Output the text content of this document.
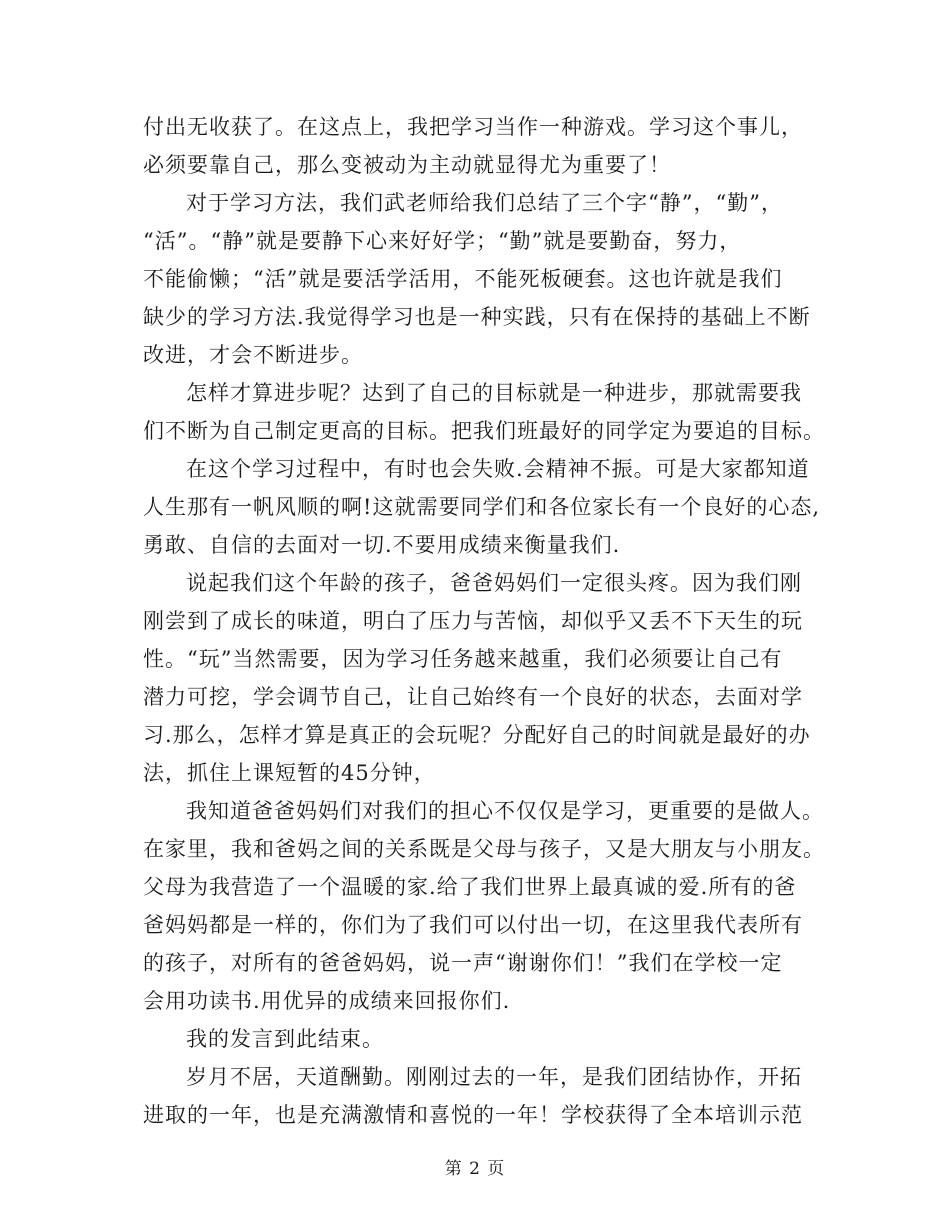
付出无收获了。在这点上，我把学习当作一种游戏。学习这个事儿，
必须要靠自己，那么变被动为主动就显得尤为重要了！
对于学习方法，我们武老师给我们总结了三个字“静”，“勤”，
“活”。“静”就是要静下心来好好学；“勤”就是要勤奋，努力，
不能偷懒；“活”就是要活学活用，不能死板硬套。这也许就是我们
缺少的学习方法.我觉得学习也是一种实践，只有在保持的基础上不断
改进，才会不断进步。
怎样才算进步呢？达到了自己的目标就是一种进步，那就需要我
们不断为自己制定更高的目标。把我们班最好的同学定为要追的目标。
在这个学习过程中，有时也会失败.会精神不振。可是大家都知道
人生那有一帆风顺的啊!这就需要同学们和各位家长有一个良好的心态,
勇敢、自信的去面对一切.不要用成绩来衡量我们.
说起我们这个年龄的孩子，爸爸妈妈们一定很头疼。因为我们刚
刚尝到了成长的味道，明白了压力与苦恼，却似乎又丢不下天生的玩
性。“玩”当然需要，因为学习任务越来越重，我们必须要让自己有
潜力可挖，学会调节自己，让自己始终有一个良好的状态，去面对学
习.那么，怎样才算是真正的会玩呢？分配好自己的时间就是最好的办
法，抓住上课短暂的45分钟，
我知道爸爸妈妈们对我们的担心不仅仅是学习，更重要的是做人。
在家里，我和爸妈之间的关系既是父母与孩子，又是大朋友与小朋友。
父母为我营造了一个温暖的家.给了我们世界上最真诚的爱.所有的爸
爸妈妈都是一样的，你们为了我们可以付出一切，在这里我代表所有
的孩子，对所有的爸爸妈妈，说一声“谢谢你们！”我们在学校一定
会用功读书.用优异的成绩来回报你们.
我的发言到此结束。
岁月不居，天道酬勤。刚刚过去的一年，是我们团结协作，开拓
进取的一年，也是充满激情和喜悦的一年！学校获得了全本培训示范
第 2 页
